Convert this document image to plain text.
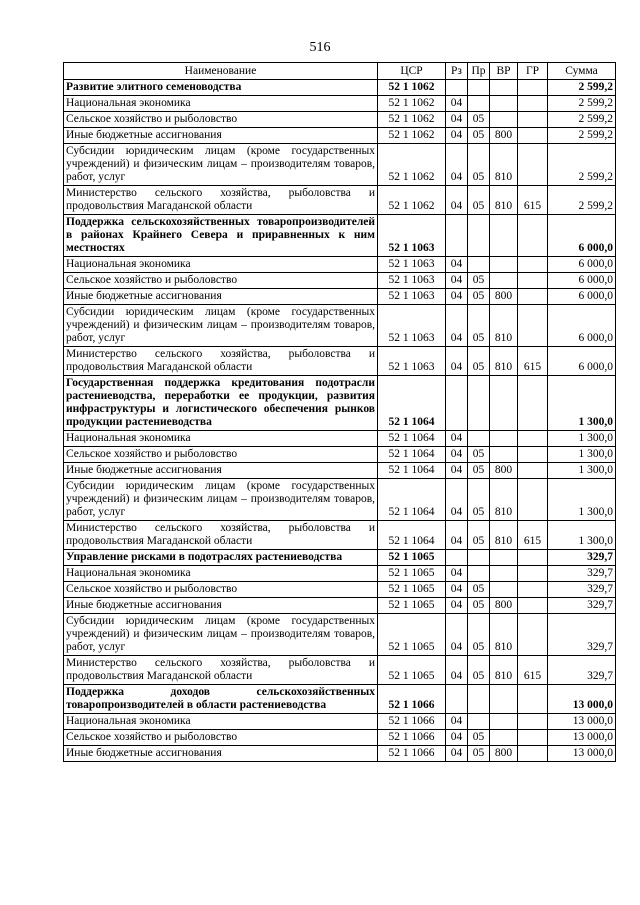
516
Наименование	ЦСР	Рз	Пр	ВР	ГР	Сумма
Развитие элитного семеноводства	52 1 1062					2 599,2
Национальная экономика	52 1 1062	04				2 599,2
Сельское хозяйство и рыболовство	52 1 1062	04	05			2 599,2
Иные бюджетные ассигнования	52 1 1062	04	05	800		2 599,2
Субсидии юридическим лицам (кроме государственных учреждений) и физическим лицам – производителям товаров, работ, услуг	52 1 1062	04	05	810		2 599,2
Министерство сельского хозяйства, рыболовства и продовольствия Магаданской области	52 1 1062	04	05	810	615	2 599,2
Поддержка сельскохозяйственных товаропроизводителей в районах Крайнего Севера и приравненных к ним местностях	52 1 1063					6 000,0
Национальная экономика	52 1 1063	04				6 000,0
Сельское хозяйство и рыболовство	52 1 1063	04	05			6 000,0
Иные бюджетные ассигнования	52 1 1063	04	05	800		6 000,0
Субсидии юридическим лицам (кроме государственных учреждений) и физическим лицам – производителям товаров, работ, услуг	52 1 1063	04	05	810		6 000,0
Министерство сельского хозяйства, рыболовства и продовольствия Магаданской области	52 1 1063	04	05	810	615	6 000,0
Государственная поддержка кредитования подотрасли растениеводства, переработки ее продукции, развития инфраструктуры и логистического обеспечения рынков продукции растениеводства	52 1 1064					1 300,0
Национальная экономика	52 1 1064	04				1 300,0
Сельское хозяйство и рыболовство	52 1 1064	04	05			1 300,0
Иные бюджетные ассигнования	52 1 1064	04	05	800		1 300,0
Субсидии юридическим лицам (кроме государственных учреждений) и физическим лицам – производителям товаров, работ, услуг	52 1 1064	04	05	810		1 300,0
Министерство сельского хозяйства, рыболовства и продовольствия Магаданской области	52 1 1064	04	05	810	615	1 300,0
Управление рисками в подотраслях растениеводства	52 1 1065					329,7
Национальная экономика	52 1 1065	04				329,7
Сельское хозяйство и рыболовство	52 1 1065	04	05			329,7
Иные бюджетные ассигнования	52 1 1065	04	05	800		329,7
Субсидии юридическим лицам (кроме государственных учреждений) и физическим лицам – производителям товаров, работ, услуг	52 1 1065	04	05	810		329,7
Министерство сельского хозяйства, рыболовства и продовольствия Магаданской области	52 1 1065	04	05	810	615	329,7
Поддержка доходов сельскохозяйственных товаропроизводителей в области растениеводства	52 1 1066					13 000,0
Национальная экономика	52 1 1066	04				13 000,0
Сельское хозяйство и рыболовство	52 1 1066	04	05			13 000,0
Иные бюджетные ассигнования	52 1 1066	04	05	800		13 000,0
